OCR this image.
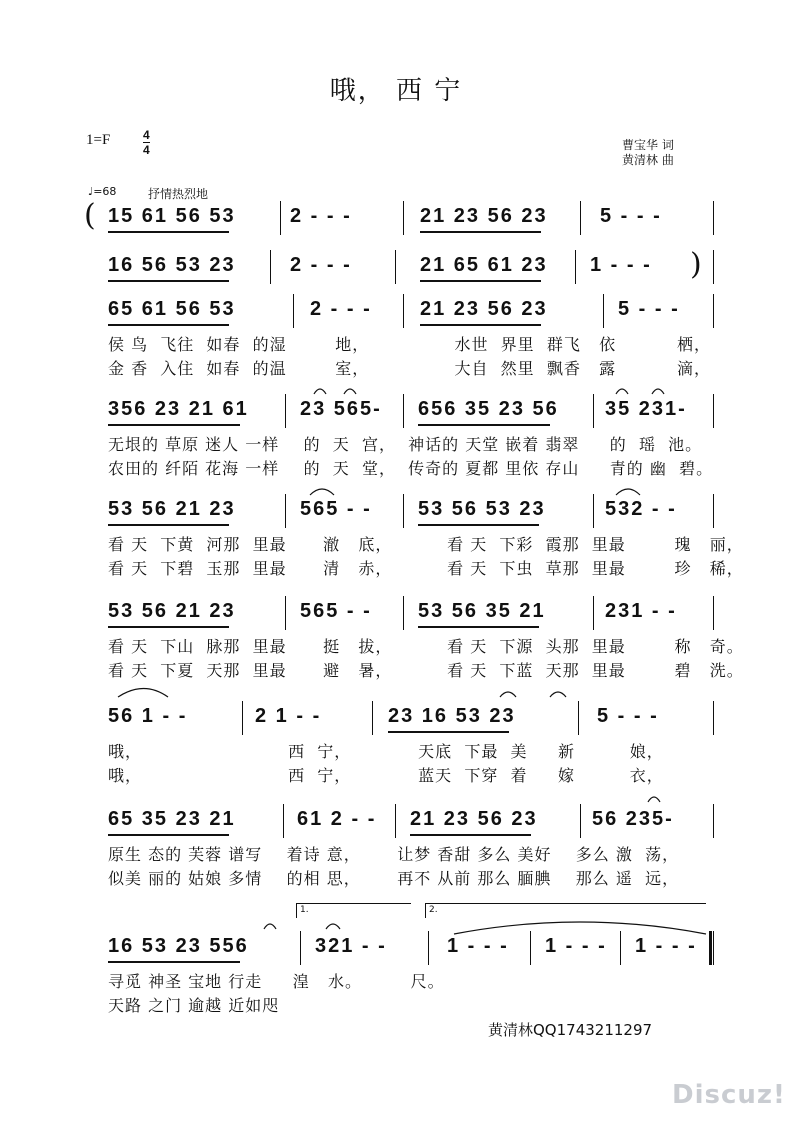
哦， 西 宁
1=F	4
4	曹宝华 词
黄清林 曲
♩=68	抒情热烈地
15 61 56 53	2 - - -	21 23 56 23	5 - - -
16 56 53 23	2 - - -	21 65 61 23 1 - - -
65 61 56 53	2 - - - 21 23 56 23	5 - - -
侯 鸟  飞往  如春  的湿        地，              水世  界里  群飞   依          栖，
金 香  入住  如春  的温        室，              大自  然里  飘香   露          滴，
356 23 21 61	23 565- 656 35 23 56 35 231-
无垠的 草原 迷人 一样    的  天  宫，  神话的 天堂 嵌着 翡翠     的  瑶  池。
农田的 纤陌 花海 一样    的  天  堂，  传奇的 夏都 里依 存山     青的 幽  碧。
53 56 21 23	565 - - 53 56 53 23	532 - -
看 天  下黄  河那  里最      澈   底，         看 天  下彩  霞那  里最        瑰   丽，
看 天  下碧  玉那  里最      清   赤，         看 天  下虫  草那  里最        珍   稀，
53 56 21 23	565 - - 53 56 35 21	231 - -
看 天  下山  脉那  里最      挺   拔，         看 天  下源  头那  里最        称   奇。
看 天  下夏  天那  里最      避   暑，         看 天  下蓝  天那  里最        碧   洗。
56 1 - -	2 1 - -	23 16 53 23	5 - - -
哦，                        西  宁，           天底  下最  美     新         娘，
哦，                        西  宁，           蓝天  下穿  着     嫁         衣，
65 35 23 21	61 2 - - 21 23 56 23	56 235-
原生 态的 芙蓉 谱写    着诗 意，      让梦 香甜 多么 美好    多么 激  荡，
似美 丽的 姑娘 多情    的相 思，      再不 从前 那么 腼腆    那么 遥  远，
16 53 23 556	321 - -	1 - - - 1 - - - 1 - - -
寻觅 神圣 宝地 行走     湟   水。        尺。
天路 之门 逾越 近如咫
(
)
1.	2.
黄清林QQ1743211297
Discuz!
